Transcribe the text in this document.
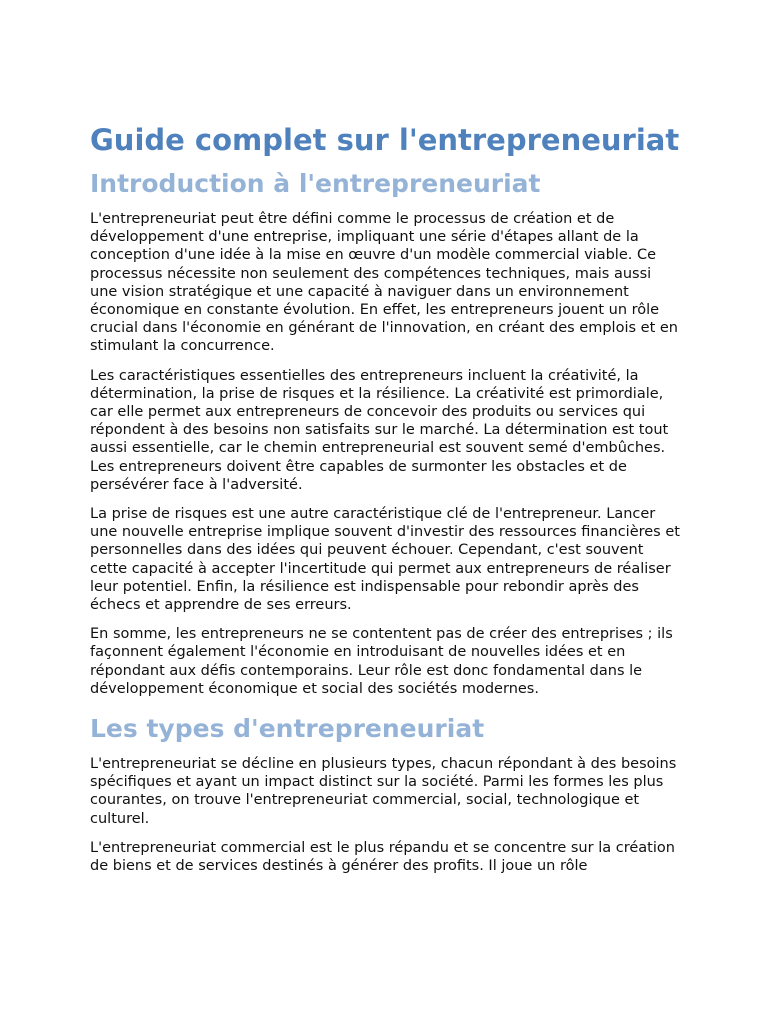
Guide complet sur l'entrepreneuriat
Introduction à l'entrepreneuriat

L'entrepreneuriat peut être défini comme le processus de création et de développement d'une entreprise, impliquant une série d'étapes allant de la conception d'une idée à la mise en œuvre d'un modèle commercial viable. Ce processus nécessite non seulement des compétences techniques, mais aussi une vision stratégique et une capacité à naviguer dans un environnement économique en constante évolution. En effet, les entrepreneurs jouent un rôle crucial dans l'économie en générant de l'innovation, en créant des emplois et en stimulant la concurrence.

Les caractéristiques essentielles des entrepreneurs incluent la créativité, la détermination, la prise de risques et la résilience. La créativité est primordiale, car elle permet aux entrepreneurs de concevoir des produits ou services qui répondent à des besoins non satisfaits sur le marché. La détermination est tout aussi essentielle, car le chemin entrepreneurial est souvent semé d'embûches. Les entrepreneurs doivent être capables de surmonter les obstacles et de persévérer face à l'adversité.

La prise de risques est une autre caractéristique clé de l'entrepreneur. Lancer une nouvelle entreprise implique souvent d'investir des ressources financières et personnelles dans des idées qui peuvent échouer. Cependant, c'est souvent cette capacité à accepter l'incertitude qui permet aux entrepreneurs de réaliser leur potentiel. Enfin, la résilience est indispensable pour rebondir après des échecs et apprendre de ses erreurs.

En somme, les entrepreneurs ne se contentent pas de créer des entreprises ; ils façonnent également l'économie en introduisant de nouvelles idées et en répondant aux défis contemporains. Leur rôle est donc fondamental dans le développement économique et social des sociétés modernes.

Les types d'entrepreneuriat

L'entrepreneuriat se décline en plusieurs types, chacun répondant à des besoins spécifiques et ayant un impact distinct sur la société. Parmi les formes les plus courantes, on trouve l'entrepreneuriat commercial, social, technologique et culturel.

L'entrepreneuriat commercial est le plus répandu et se concentre sur la création de biens et de services destinés à générer des profits. Il joue un rôle
